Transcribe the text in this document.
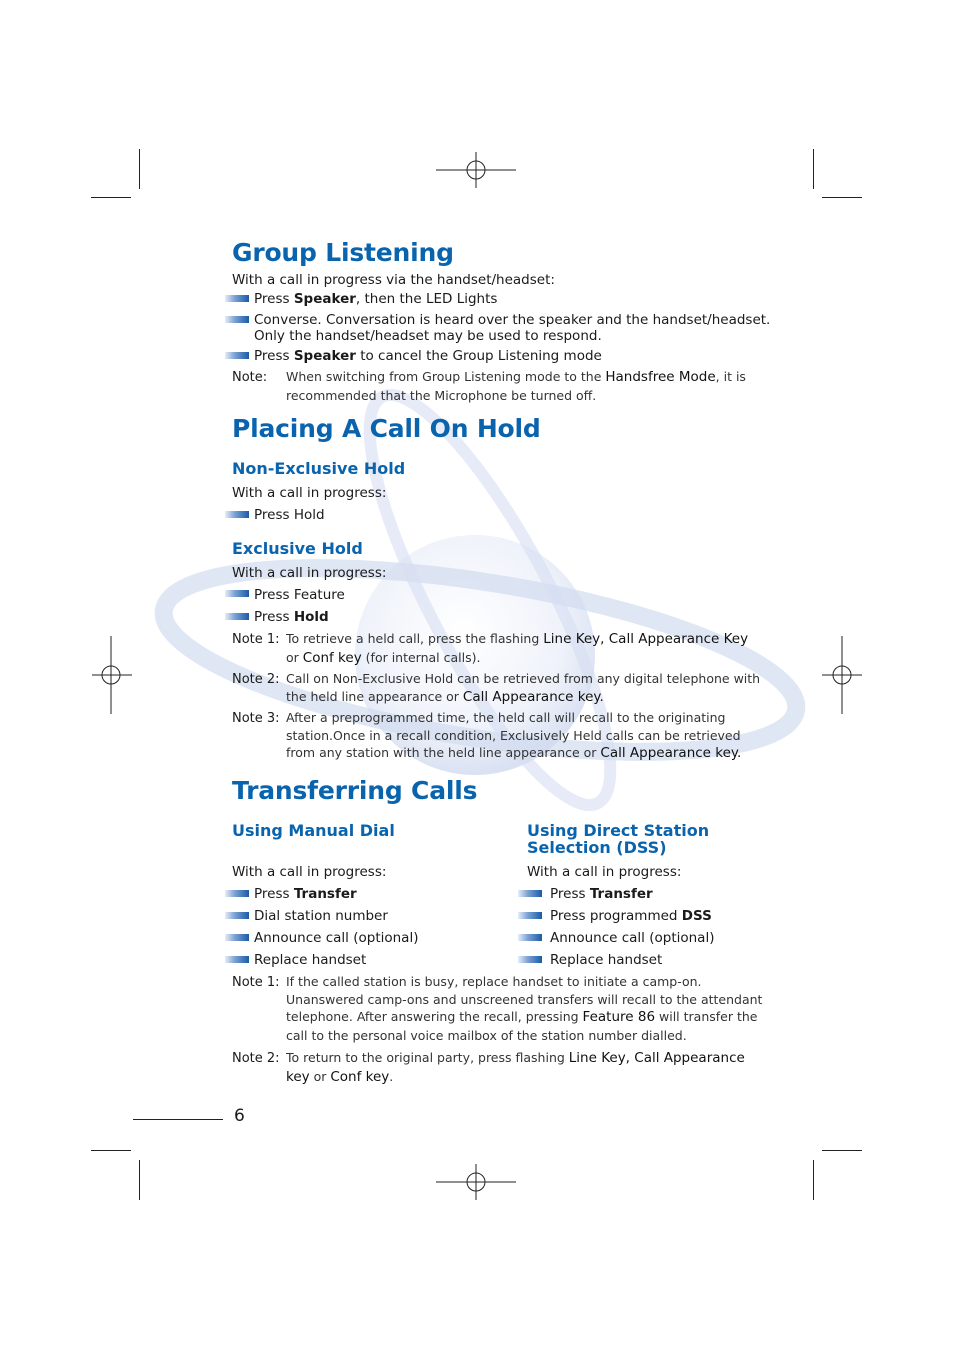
Group Listening
With a call in progress via the handset/headset:
Press Speaker, then the LED Lights
Converse. Conversation is heard over the speaker and the handset/headset.
Only the handset/headset may be used to respond.
Press Speaker to cancel the Group Listening mode
Note: When switching from Group Listening mode to the Handsfree Mode, it is recommended that the Microphone be turned off.
Placing A Call On Hold
Non-Exclusive Hold
With a call in progress:
Press Hold
Exclusive Hold
With a call in progress:
Press Feature
Press Hold
Note 1: To retrieve a held call, press the flashing Line Key, Call Appearance Key or Conf key (for internal calls).
Note 2: Call on Non-Exclusive Hold can be retrieved from any digital telephone with the held line appearance or Call Appearance key.
Note 3: After a preprogrammed time, the held call will recall to the originating station.Once in a recall condition, Exclusively Held calls can be retrieved from any station with the held line appearance or Call Appearance key.
Transferring Calls
Using Manual Dial	Using Direct Station
Selection (DSS)
With a call in progress:	With a call in progress:
Press Transfer
Dial station number
Announce call (optional)
Replace handset
Press Transfer
Press programmed DSS
Announce call (optional)
Replace handset
Note 1: If the called station is busy, replace handset to initiate a camp-on. Unanswered camp-ons and unscreened transfers will recall to the attendant telephone. After answering the recall, pressing Feature 86 will transfer the call to the personal voice mailbox of the station number dialled.
Note 2: To return to the original party, press flashing Line Key, Call Appearance key or Conf key.
6
